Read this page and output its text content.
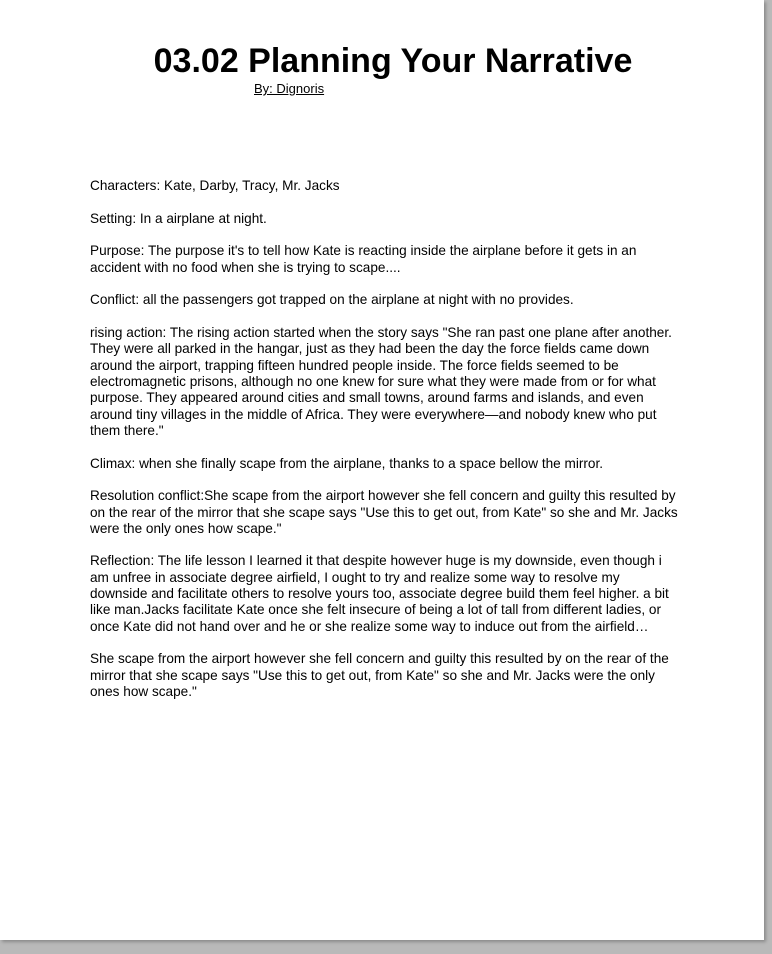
03.02 Planning Your Narrative
By: Dignoris

Characters: Kate, Darby, Tracy, Mr. Jacks

Setting: In a airplane at night.

Purpose: The purpose it's to tell how Kate is reacting inside the airplane before it gets in an accident with no food when she is trying to scape....

Conflict: all the passengers got trapped on the airplane at night with no provides.

rising action: The rising action started when the story says "She ran past one plane after another. They were all parked in the hangar, just as they had been the day the force fields came down around the airport, trapping fifteen hundred people inside. The force fields seemed to be electromagnetic prisons, although no one knew for sure what they were made from or for what purpose. They appeared around cities and small towns, around farms and islands, and even around tiny villages in the middle of Africa. They were everywhere—and nobody knew who put them there."

Climax: when she finally scape from the airplane, thanks to a space bellow the mirror.

Resolution conflict:She scape from the airport however she fell concern and guilty this resulted by on the rear of the mirror that she scape says "Use this to get out, from Kate" so she and Mr. Jacks were the only ones how scape."

Reflection: The life lesson I learned it that despite however huge is my downside, even though i am unfree in associate degree airfield, I ought to try and realize some way to resolve my downside and facilitate others to resolve yours too, associate degree build them feel higher. a bit like man.Jacks facilitate Kate once she felt insecure of being a lot of tall from different ladies, or once Kate did not hand over and he or she realize some way to induce out from the airfield…

She scape from the airport however she fell concern and guilty this resulted by on the rear of the mirror that she scape says "Use this to get out, from Kate" so she and Mr. Jacks were the only ones how scape."
